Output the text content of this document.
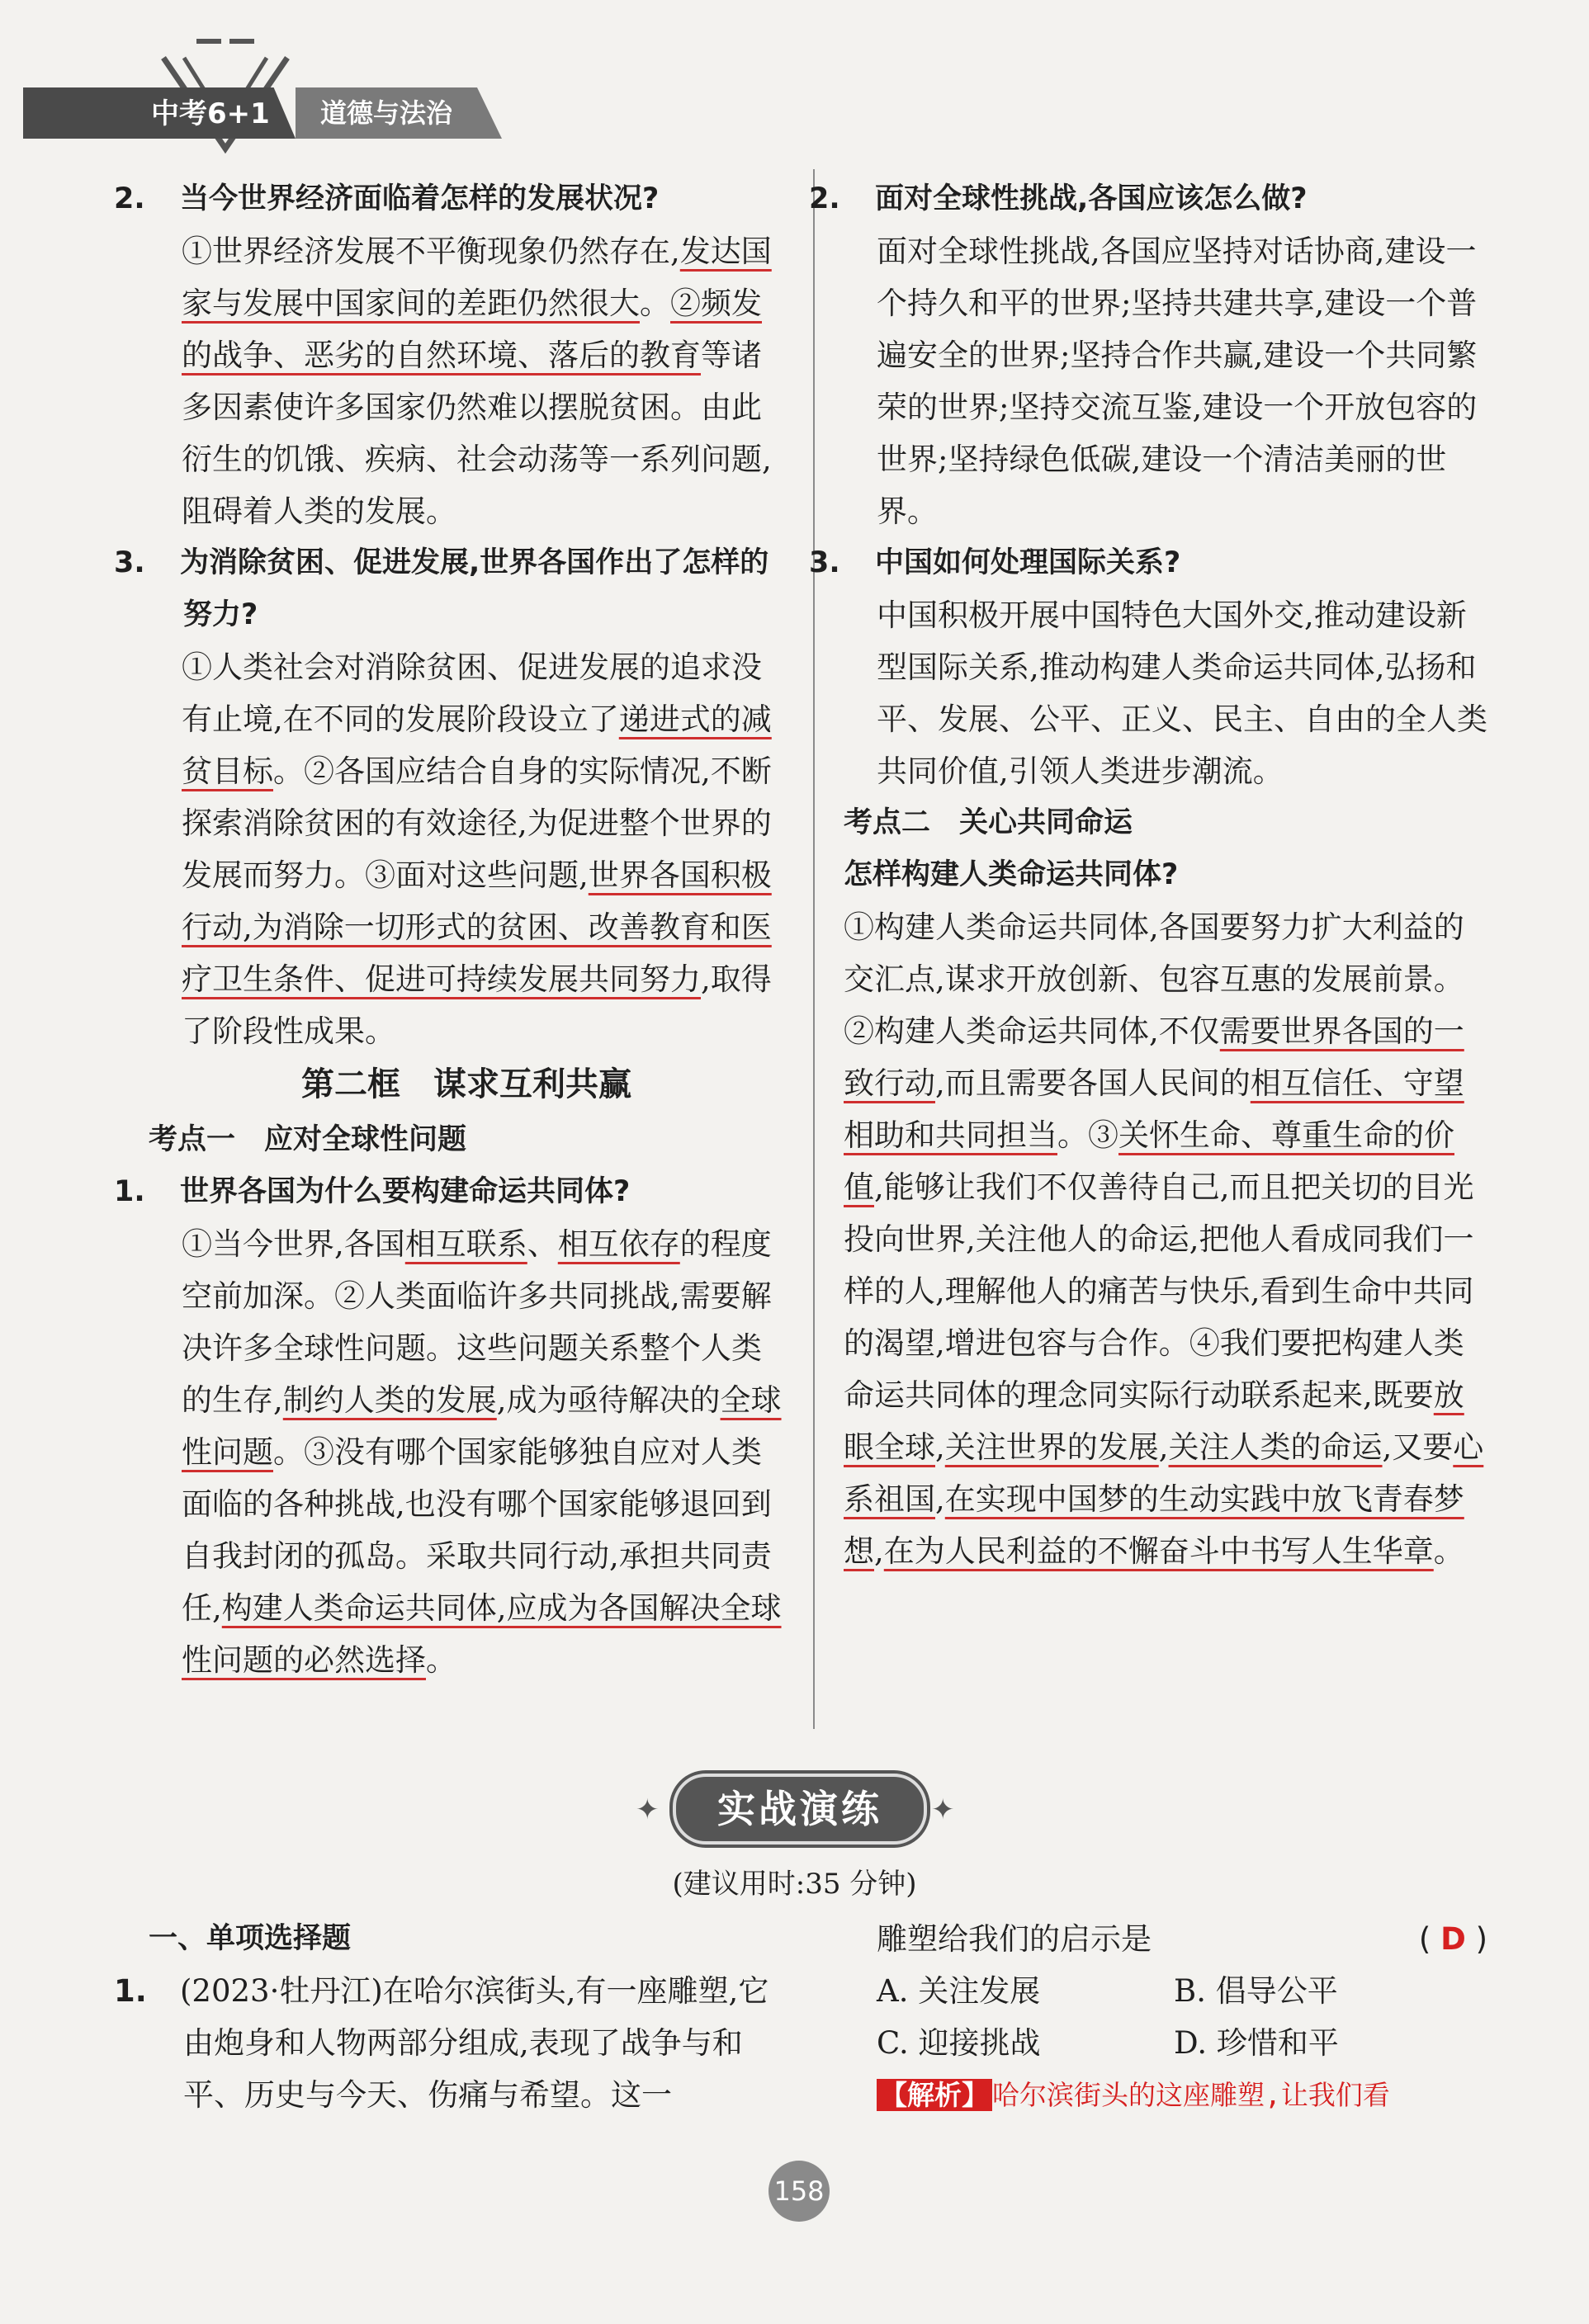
中考6+1 道德与法治
2. 当今世界经济面临着怎样的发展状况?
①世界经济发展不平衡现象仍然存在,发达国家与发展中国家间的差距仍然很大。②频发的战争、恶劣的自然环境、落后的教育等诸多因素使许多国家仍然难以摆脱贫困。由此衍生的饥饿、疾病、社会动荡等一系列问题,阻碍着人类的发展。
3. 为消除贫困、促进发展,世界各国作出了怎样的努力?
①人类社会对消除贫困、促进发展的追求没有止境,在不同的发展阶段设立了递进式的减贫目标。②各国应结合自身的实际情况,不断探索消除贫困的有效途径,为促进整个世界的发展而努力。③面对这些问题,世界各国积极行动,为消除一切形式的贫困、改善教育和医疗卫生条件、促进可持续发展共同努力,取得了阶段性成果。
第二框　谋求互利共赢
考点一　应对全球性问题
1. 世界各国为什么要构建命运共同体?
①当今世界,各国相互联系、相互依存的程度空前加深。②人类面临许多共同挑战,需要解决许多全球性问题。这些问题关系整个人类的生存,制约人类的发展,成为亟待解决的全球性问题。③没有哪个国家能够独自应对人类面临的各种挑战,也没有哪个国家能够退回到自我封闭的孤岛。采取共同行动,承担共同责任,构建人类命运共同体,应成为各国解决全球性问题的必然选择。
2. 面对全球性挑战,各国应该怎么做?
面对全球性挑战,各国应坚持对话协商,建设一个持久和平的世界;坚持共建共享,建设一个普遍安全的世界;坚持合作共赢,建设一个共同繁荣的世界;坚持交流互鉴,建设一个开放包容的世界;坚持绿色低碳,建设一个清洁美丽的世界。
3. 中国如何处理国际关系?
中国积极开展中国特色大国外交,推动建设新型国际关系,推动构建人类命运共同体,弘扬和平、发展、公平、正义、民主、自由的全人类共同价值,引领人类进步潮流。
考点二　关心共同命运
怎样构建人类命运共同体?
①构建人类命运共同体,各国要努力扩大利益的交汇点,谋求开放创新、包容互惠的发展前景。②构建人类命运共同体,不仅需要世界各国的一致行动,而且需要各国人民间的相互信任、守望相助和共同担当。③关怀生命、尊重生命的价值,能够让我们不仅善待自己,而且把关切的目光投向世界,关注他人的命运,把他人看成同我们一样的人,理解他人的痛苦与快乐,看到生命中共同的渴望,增进包容与合作。④我们要把构建人类命运共同体的理念同实际行动联系起来,既要放眼全球,关注世界的发展,关注人类的命运,又要心系祖国,在实现中国梦的生动实践中放飞青春梦想,在为人民利益的不懈奋斗中书写人生华章。
✦	实战演练	✦
(建议用时:35 分钟)
一、单项选择题
1. (2023·牡丹江)在哈尔滨街头,有一座雕塑,它由炮身和人物两部分组成,表现了战争与和平、历史与今天、伤痛与希望。这一
雕塑给我们的启示是	( D )
A. 关注发展	B. 倡导公平
C. 迎接挑战	D. 珍惜和平
【解析】 哈尔滨街头的这座雕塑,让我们看
158
